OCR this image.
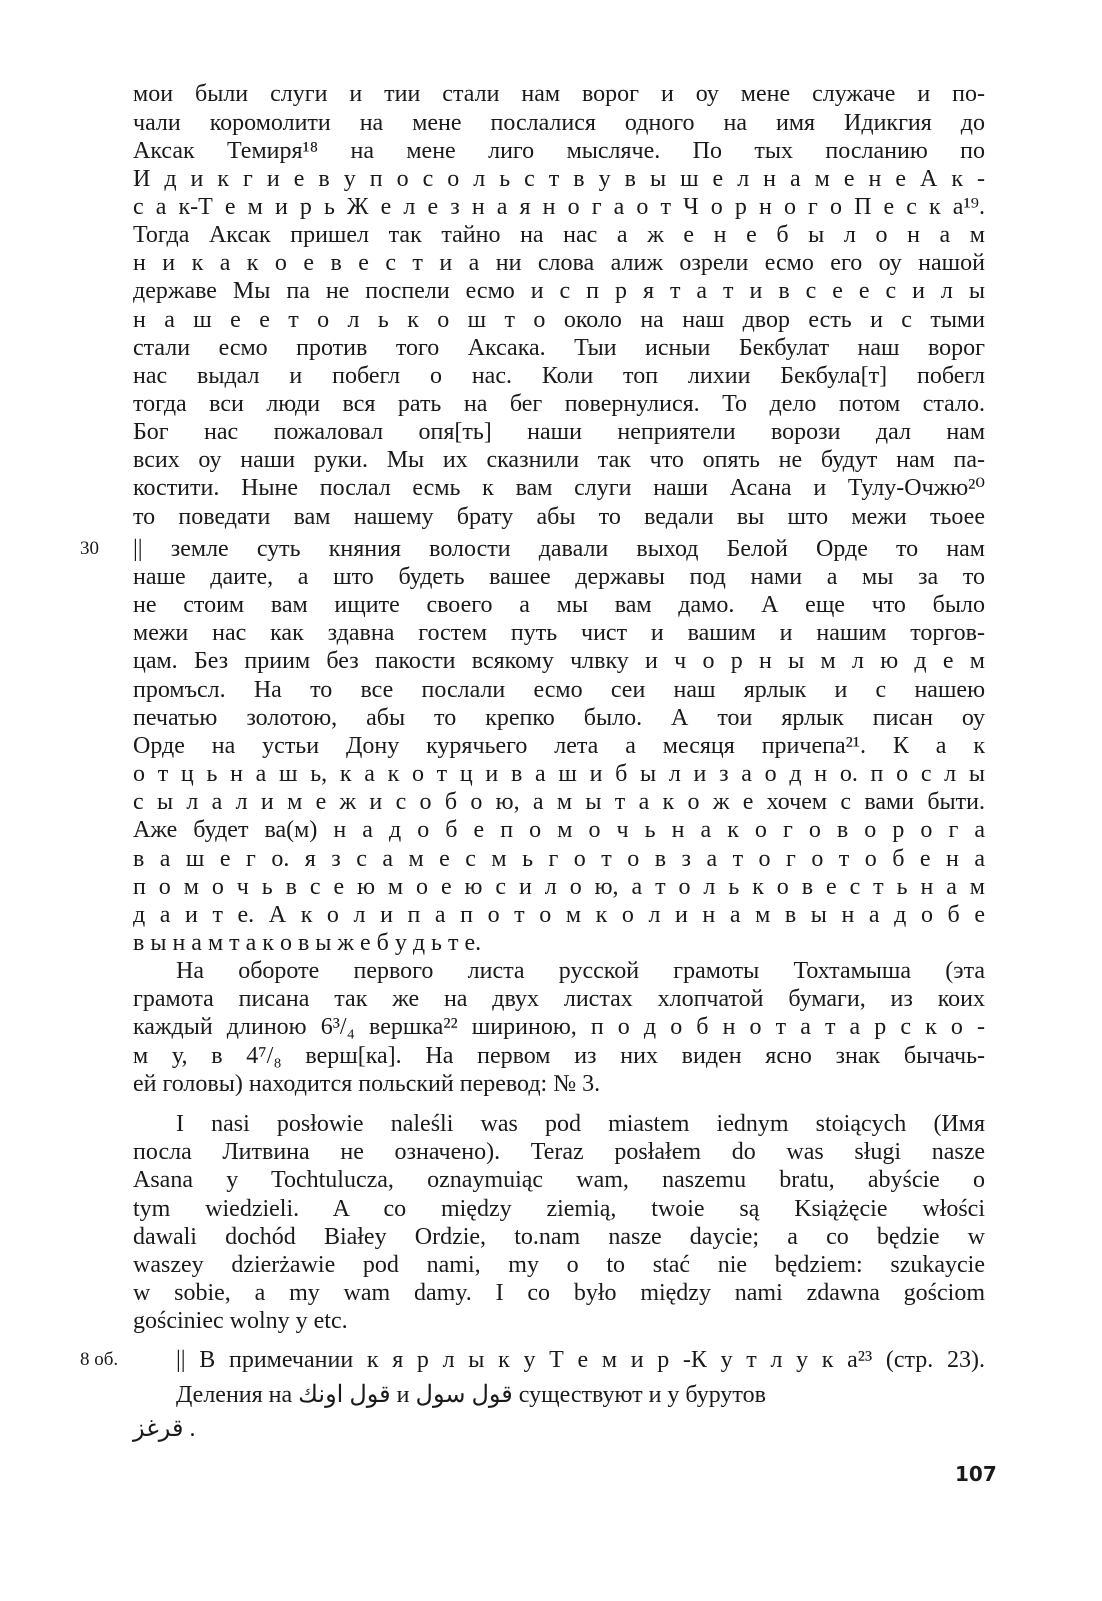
мои были слуги и тии стали нам ворог и оу мене служаче и по-
чали коромолити на мене послалися одного на имя Идикгия до
Аксак Темиря¹⁸ на мене лиго мысляче. По тых посланию по
И д и к г и е в у п о с о л ь с т в у в ы ш е л н а м е н е А к -
с а к-Т е м и р ь Ж е л е з н а я н о г а о т Ч о р н о г о П е с к а¹⁹.
Тогда Аксак пришел так тайно на нас а ж е н е б ы л о н а м
н и к а к о е в е с т и а ни слова алиж озрели есмо его оу нашой
державе Мы па не поспели есмо и с п р я т а т и в с е е с и л ы
н а ш е е т о л ь к о ш т о около на наш двор есть и с тыми
стали есмо против того Аксака. Тыи исныи Бекбулат наш ворог
нас выдал и побегл о нас. Коли топ лихии Бекбула[т] побегл
тогда вси люди вся рать на бег повернулися. То дело потом стало.
Бог нас пожаловал опя[ть] наши неприятели ворози дал нам
всих оу наши руки. Мы их сказнили так что опять не будут нам па-
костити. Ныне послал есмь к вам слуги наши Асана и Тулу-Очжю²⁰
то поведати вам нашему брату абы то ведали вы што межи тьоее
30 || земле суть княния волости давали выход Белой Орде то нам
наше даите, а што будеть вашее державы под нами а мы за то
не стоим вам ищите своего а мы вам дамо. А еще что было
межи нас как здавна гостем путь чист и вашим и нашим торгов-
цам. Без приим без пакости всякому члвку и ч о р н ы м л ю д е м
промъсл. На то все послали есмо сеи наш ярлык и с нашею
печатью золотою, абы то крепко было. А тои ярлык писан оу
Орде на устьи Дону курячьего лета а месяця причепа²¹. К а к
о т ц ь н а ш ь, к а к о т ц и в а ш и б ы л и з а о д н о. п о с л ы
с ы л а л и м е ж и с о б о ю, а м ы т а к о ж е хочем с вами быти.
Аже будет ва(м) н а д о б е п о м о ч ь н а к о г о в о р о г а
в а ш е г о. я з с а м е с м ь г о т о в з а т о г о т о б е н а
п о м о ч ь в с е ю м о е ю с и л о ю, а т о л ь к о в е с т ь н а м
д а и т е. А к о л и п а п о т о м к о л и н а м в ы н а д о б е
в ы н а м т а к о в ы ж е б у д ь т е.
На обороте первого листа русской грамоты Тохтамыша (эта
грамота писана так же на двух листах хлопчатой бумаги, из коих
каждый длиною 6³/₄ вершка²² шириною, п о д о б н о т а т а р с к о -
м у, в 4⁷/₈ верш[ка]. На первом из них виден ясно знак бычачь-
ей головы) находится польский перевод: № 3.
I nasi posłowie naleśli was pod miastem iednym stoiących (Имя
посла Литвина не означено). Teraz posłałem do was sługi nasze
Asana y Tochtulucza, oznaymuiąc wam, naszemu bratu, abyście o
tym wiedzieli. A co między ziemią, twoie są Książęcie włości
dawali dochód Białey Ordzie, to.nam nasze daycie; a co będzie w
waszey dzierżawie pod nami, my o to stać nie będziem: szukaycie
w sobie, a my wam damy. I co było między nami zdawna gościom
gościniec wolny y etc.
8 об. || В примечании к я р л ы к у Т е м и р -К у т л у к а²³ (стр. 23).
Деления на قول اونك и قول سول существуют и у бурутов
قرغز .
107
